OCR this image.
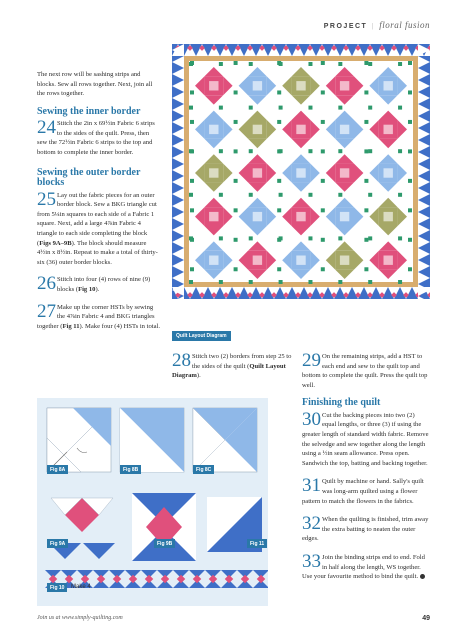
PROJECT | floral fusion

The next row will be sashing strips and blocks. Sew all rows together. Next, join all the rows together.

Sewing the inner border
24 Stitch the 2in x 69½in Fabric 6 strips to the sides of the quilt. Press, then sew the 72½in Fabric 6 strips to the top and bottom to complete the inner border.
Sewing the outer border blocks
25 Lay out the fabric pieces for an outer border block. Sew a BKG triangle cut from 5¼in squares to each side of a Fabric 1 square. Next, add a large 4⅞in Fabric 4 triangle to each side completing the block (Figs 9A–9B). The block should measure 4½in x 8½in. Repeat to make a total of thirty-six (36) outer border blocks.
26 Stitch into four (4) rows of nine (9) blocks (Fig 10).
27 Make up the corner HSTs by sewing the 4⅞in Fabric 4 and BKG triangles together (Fig 11). Make four (4) HSTs in total.
Quilt Layout Diagram
28 Stitch two (2) borders from step 25 to the sides of the quilt (Quilt Layout Diagram).
29 On the remaining strips, add a HST to each end and sew to the quilt top and bottom to complete the quilt. Press the quilt top well.
Finishing the quilt
30 Cut the backing pieces into two (2) equal lengths, or three (3) if using the greater length of standard width fabric. Remove the selvedge and sew together along the length using a ½in seam allowance. Press open. Sandwich the top, batting and backing together.
31 Quilt by machine or hand. Sally's quilt was long-arm quilted using a flower pattern to match the flowers in the fabrics.
32 When the quilting is finished, trim away the extra batting to neaten the outer edges.
33 Join the binding strips end to end. Fold in half along the length, WS together. Use your favourite method to bind the quilt.
Fig 8A	Fig 8B	Fig 8C
Fig 9A	Fig 9B	Fig 11
Fig 10	Make 4
Join us at www.simply-quilting.com	49
